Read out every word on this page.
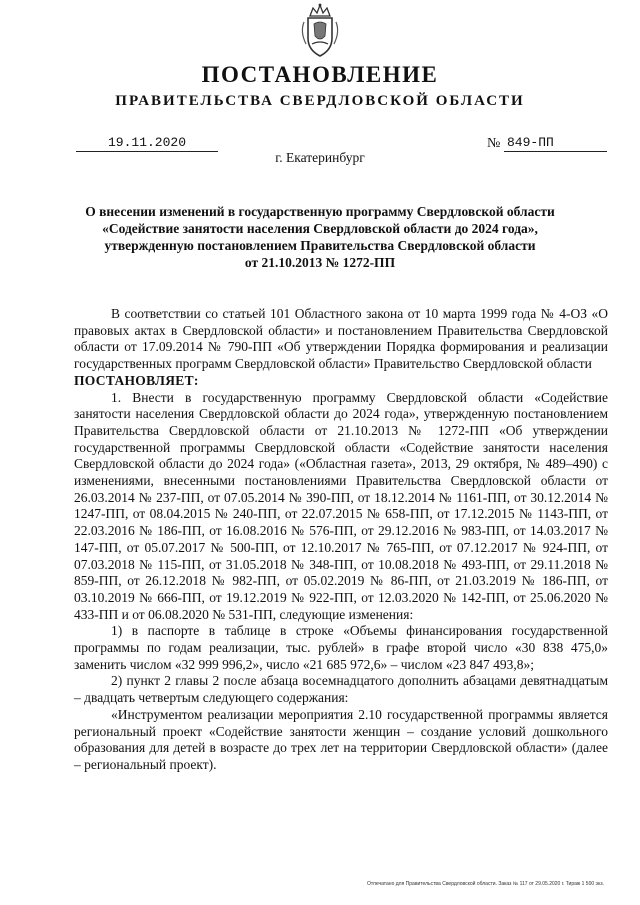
ПОСТАНОВЛЕНИЕ
ПРАВИТЕЛЬСТВА СВЕРДЛОВСКОЙ ОБЛАСТИ
19.11.2020	№ 849-ПП
г. Екатеринбург
О внесении изменений в государственную программу Свердловской области
«Содействие занятости населения Свердловской области до 2024 года»,
утвержденную постановлением Правительства Свердловской области
от 21.10.2013 № 1272-ПП

В соответствии со статьей 101 Областного закона от 10 марта 1999 года № 4-ОЗ «О правовых актах в Свердловской области» и постановлением Правительства Свердловской области от 17.09.2014 № 790-ПП «Об утверждении Порядка формирования и реализации государственных программ Свердловской области» Правительство Свердловской области

ПОСТАНОВЛЯЕТ:

1. Внести в государственную программу Свердловской области «Содействие занятости населения Свердловской области до 2024 года», утвержденную постановлением Правительства Свердловской области от 21.10.2013 № 1272-ПП «Об утверждении государственной программы Свердловской области «Содействие занятости населения Свердловской области до 2024 года» («Областная газета», 2013, 29 октября, № 489–490) с изменениями, внесенными постановлениями Правительства Свердловской области от 26.03.2014 № 237-ПП, от 07.05.2014 № 390-ПП, от 18.12.2014 № 1161-ПП, от 30.12.2014 № 1247-ПП, от 08.04.2015 № 240-ПП, от 22.07.2015 № 658-ПП, от 17.12.2015 № 1143-ПП, от 22.03.2016 № 186-ПП, от 16.08.2016 № 576-ПП, от 29.12.2016 № 983-ПП, от 14.03.2017 № 147-ПП, от 05.07.2017 № 500-ПП, от 12.10.2017 № 765-ПП, от 07.12.2017 № 924-ПП, от 07.03.2018 № 115-ПП, от 31.05.2018 № 348-ПП, от 10.08.2018 № 493-ПП, от 29.11.2018 № 859-ПП, от 26.12.2018 № 982-ПП, от 05.02.2019 № 86-ПП, от 21.03.2019 № 186-ПП, от 03.10.2019 № 666-ПП, от 19.12.2019 № 922-ПП, от 12.03.2020 № 142-ПП, от 25.06.2020 № 433-ПП и от 06.08.2020 № 531-ПП, следующие изменения:

1) в паспорте в таблице в строке «Объемы финансирования государственной программы по годам реализации, тыс. рублей» в графе второй число «30 838 475,0» заменить числом «32 999 996,2», число «21 685 972,6» – числом «23 847 493,8»;

2) пункт 2 главы 2 после абзаца восемнадцатого дополнить абзацами девятнадцатым – двадцать четвертым следующего содержания:

«Инструментом реализации мероприятия 2.10 государственной программы является региональный проект «Содействие занятости женщин – создание условий дошкольного образования для детей в возрасте до трех лет на территории Свердловской области» (далее – региональный проект).

Отпечатано для Правительства Свердловской области. Заказ № 117 от 29.05.2020 г. Тираж 1 500 экз.
